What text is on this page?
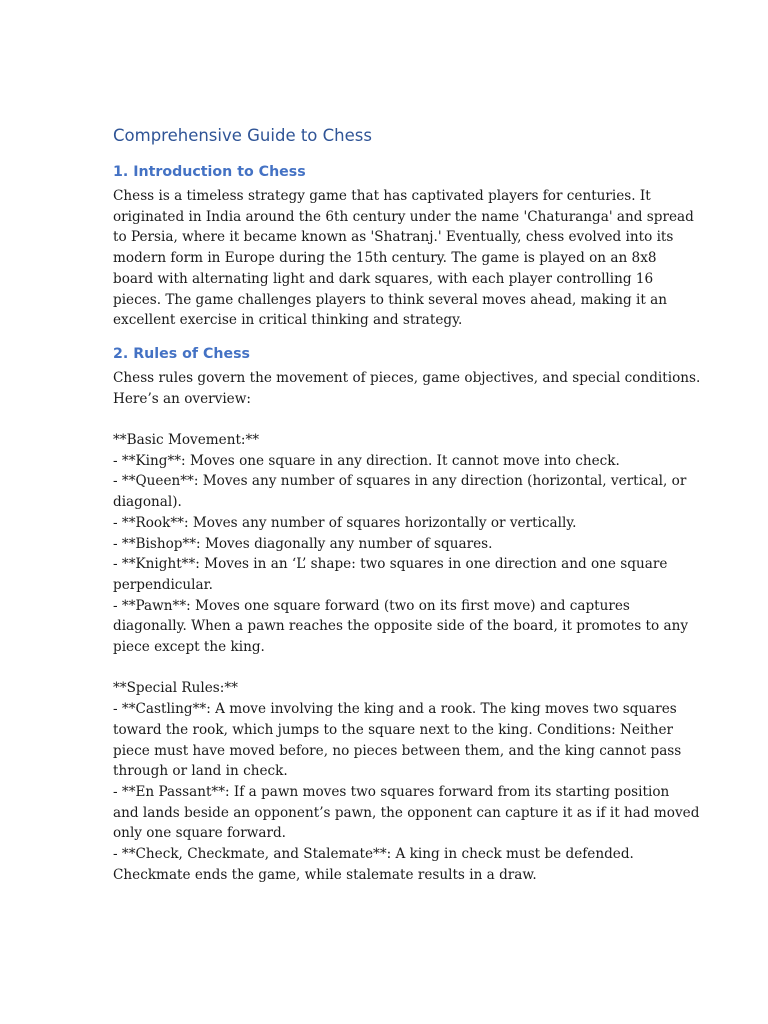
Comprehensive Guide to Chess
1. Introduction to Chess
Chess is a timeless strategy game that has captivated players for centuries. It
originated in India around the 6th century under the name 'Chaturanga' and spread
to Persia, where it became known as 'Shatranj.' Eventually, chess evolved into its
modern form in Europe during the 15th century. The game is played on an 8x8
board with alternating light and dark squares, with each player controlling 16
pieces. The game challenges players to think several moves ahead, making it an
excellent exercise in critical thinking and strategy.
2. Rules of Chess
Chess rules govern the movement of pieces, game objectives, and special conditions.
Here’s an overview:
**Basic Movement:**
- **King**: Moves one square in any direction. It cannot move into check.
- **Queen**: Moves any number of squares in any direction (horizontal, vertical, or
diagonal).
- **Rook**: Moves any number of squares horizontally or vertically.
- **Bishop**: Moves diagonally any number of squares.
- **Knight**: Moves in an ‘L’ shape: two squares in one direction and one square
perpendicular.
- **Pawn**: Moves one square forward (two on its first move) and captures
diagonally. When a pawn reaches the opposite side of the board, it promotes to any
piece except the king.
**Special Rules:**
- **Castling**: A move involving the king and a rook. The king moves two squares
toward the rook, which jumps to the square next to the king. Conditions: Neither
piece must have moved before, no pieces between them, and the king cannot pass
through or land in check.
- **En Passant**: If a pawn moves two squares forward from its starting position
and lands beside an opponent’s pawn, the opponent can capture it as if it had moved
only one square forward.
- **Check, Checkmate, and Stalemate**: A king in check must be defended.
Checkmate ends the game, while stalemate results in a draw.
